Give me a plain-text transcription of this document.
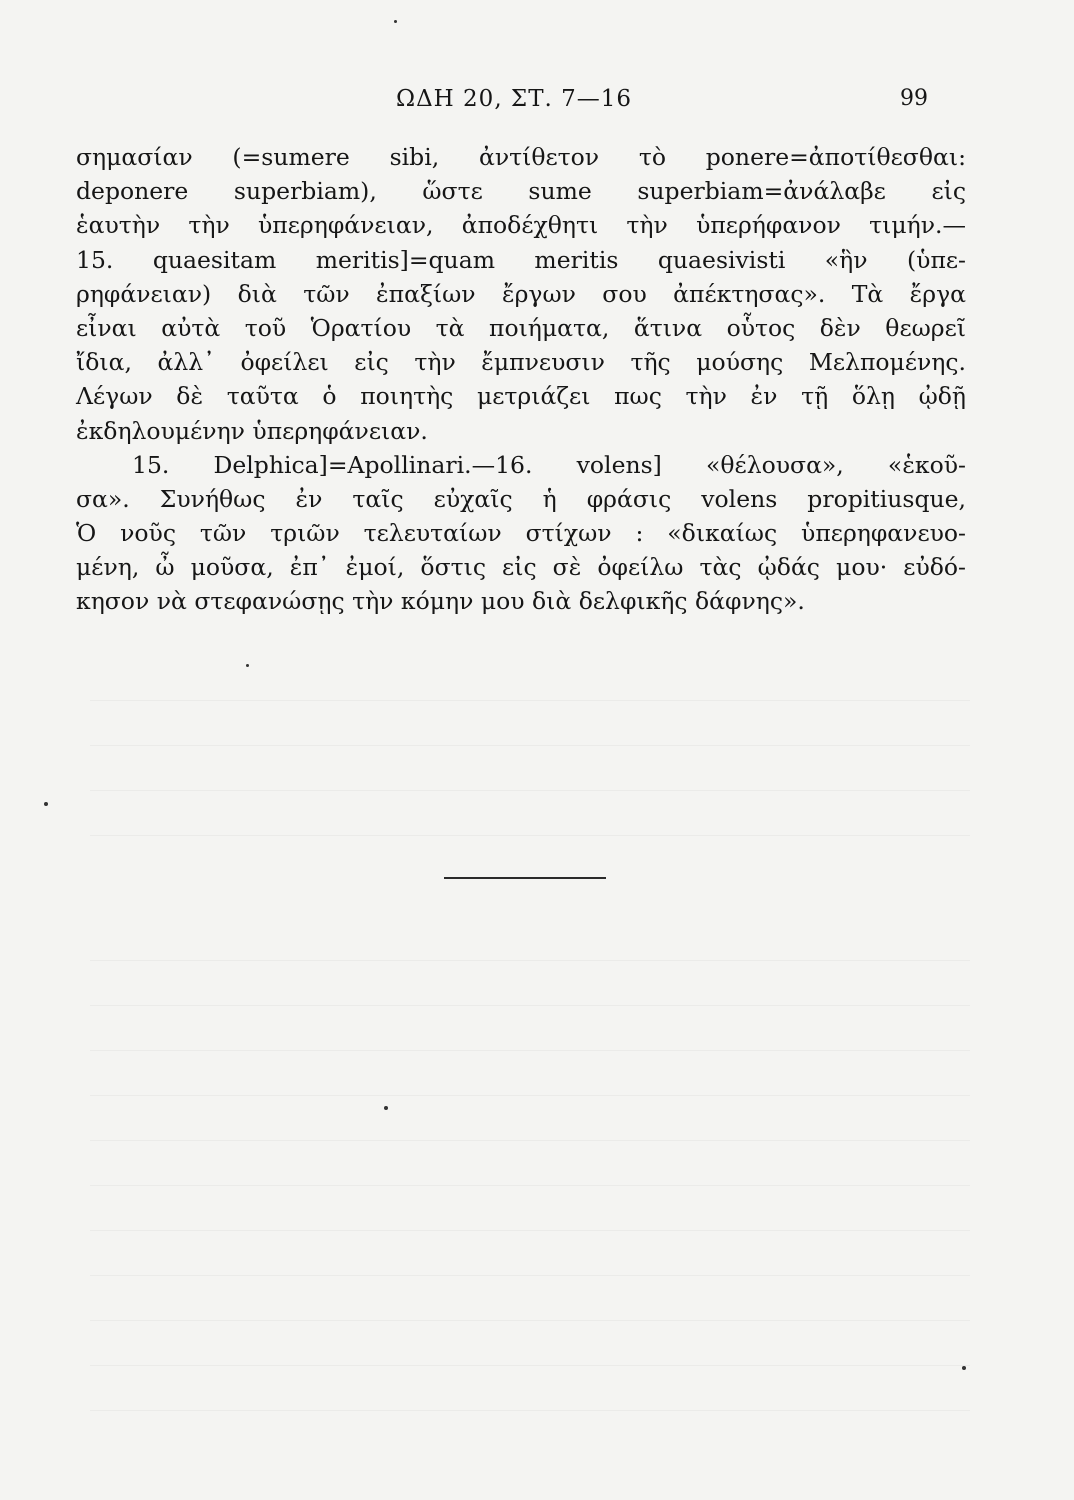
ΩΔΗ 20, ΣΤ. 7—16	99
σημασίαν (=sumere sibi, ἀντίθετον τὸ ponere=ἀποτίθεσθαι:
deponere superbiam), ὥστε sume superbiam=ἀνάλαβε εἰς
ἑαυτὴν τὴν ὑπερηφάνειαν, ἀποδέχθητι τὴν ὑπερήφανον τιμήν.—
15. quaesitam meritis]=quam meritis quaesivisti «ἣν (ὑπε-
ρηφάνειαν) διὰ τῶν ἐπαξίων ἔργων σου ἀπέκτησας». Τὰ ἔργα
εἶναι αὐτὰ τοῦ Ὁρατίου τὰ ποιήματα, ἅτινα οὗτος δὲν θεωρεῖ
ἴδια, ἀλλ᾿ ὀφείλει εἰς τὴν ἔμπνευσιν τῆς μούσης Μελπομένης.
Λέγων δὲ ταῦτα ὁ ποιητὴς μετριάζει πως τὴν ἐν τῇ ὅλῃ ᾠδῇ
ἐκδηλουμένην ὑπερηφάνειαν.
15. Delphica]=Apollinari.—16. volens] «θέλουσα», «ἑκοῦ-
σα». Συνήθως ἐν ταῖς εὐχαῖς ἡ φράσις volens propitiusque,
Ὁ νοῦς τῶν τριῶν τελευταίων στίχων : «δικαίως ὑπερηφανευο-
μένη, ὦ μοῦσα, ἐπ᾿ ἐμοί, ὅστις εἰς σὲ ὀφείλω τὰς ᾠδάς μου· εὐδό-
κησον νὰ στεφανώσῃς τὴν κόμην μου διὰ δελφικῆς δάφνης».
